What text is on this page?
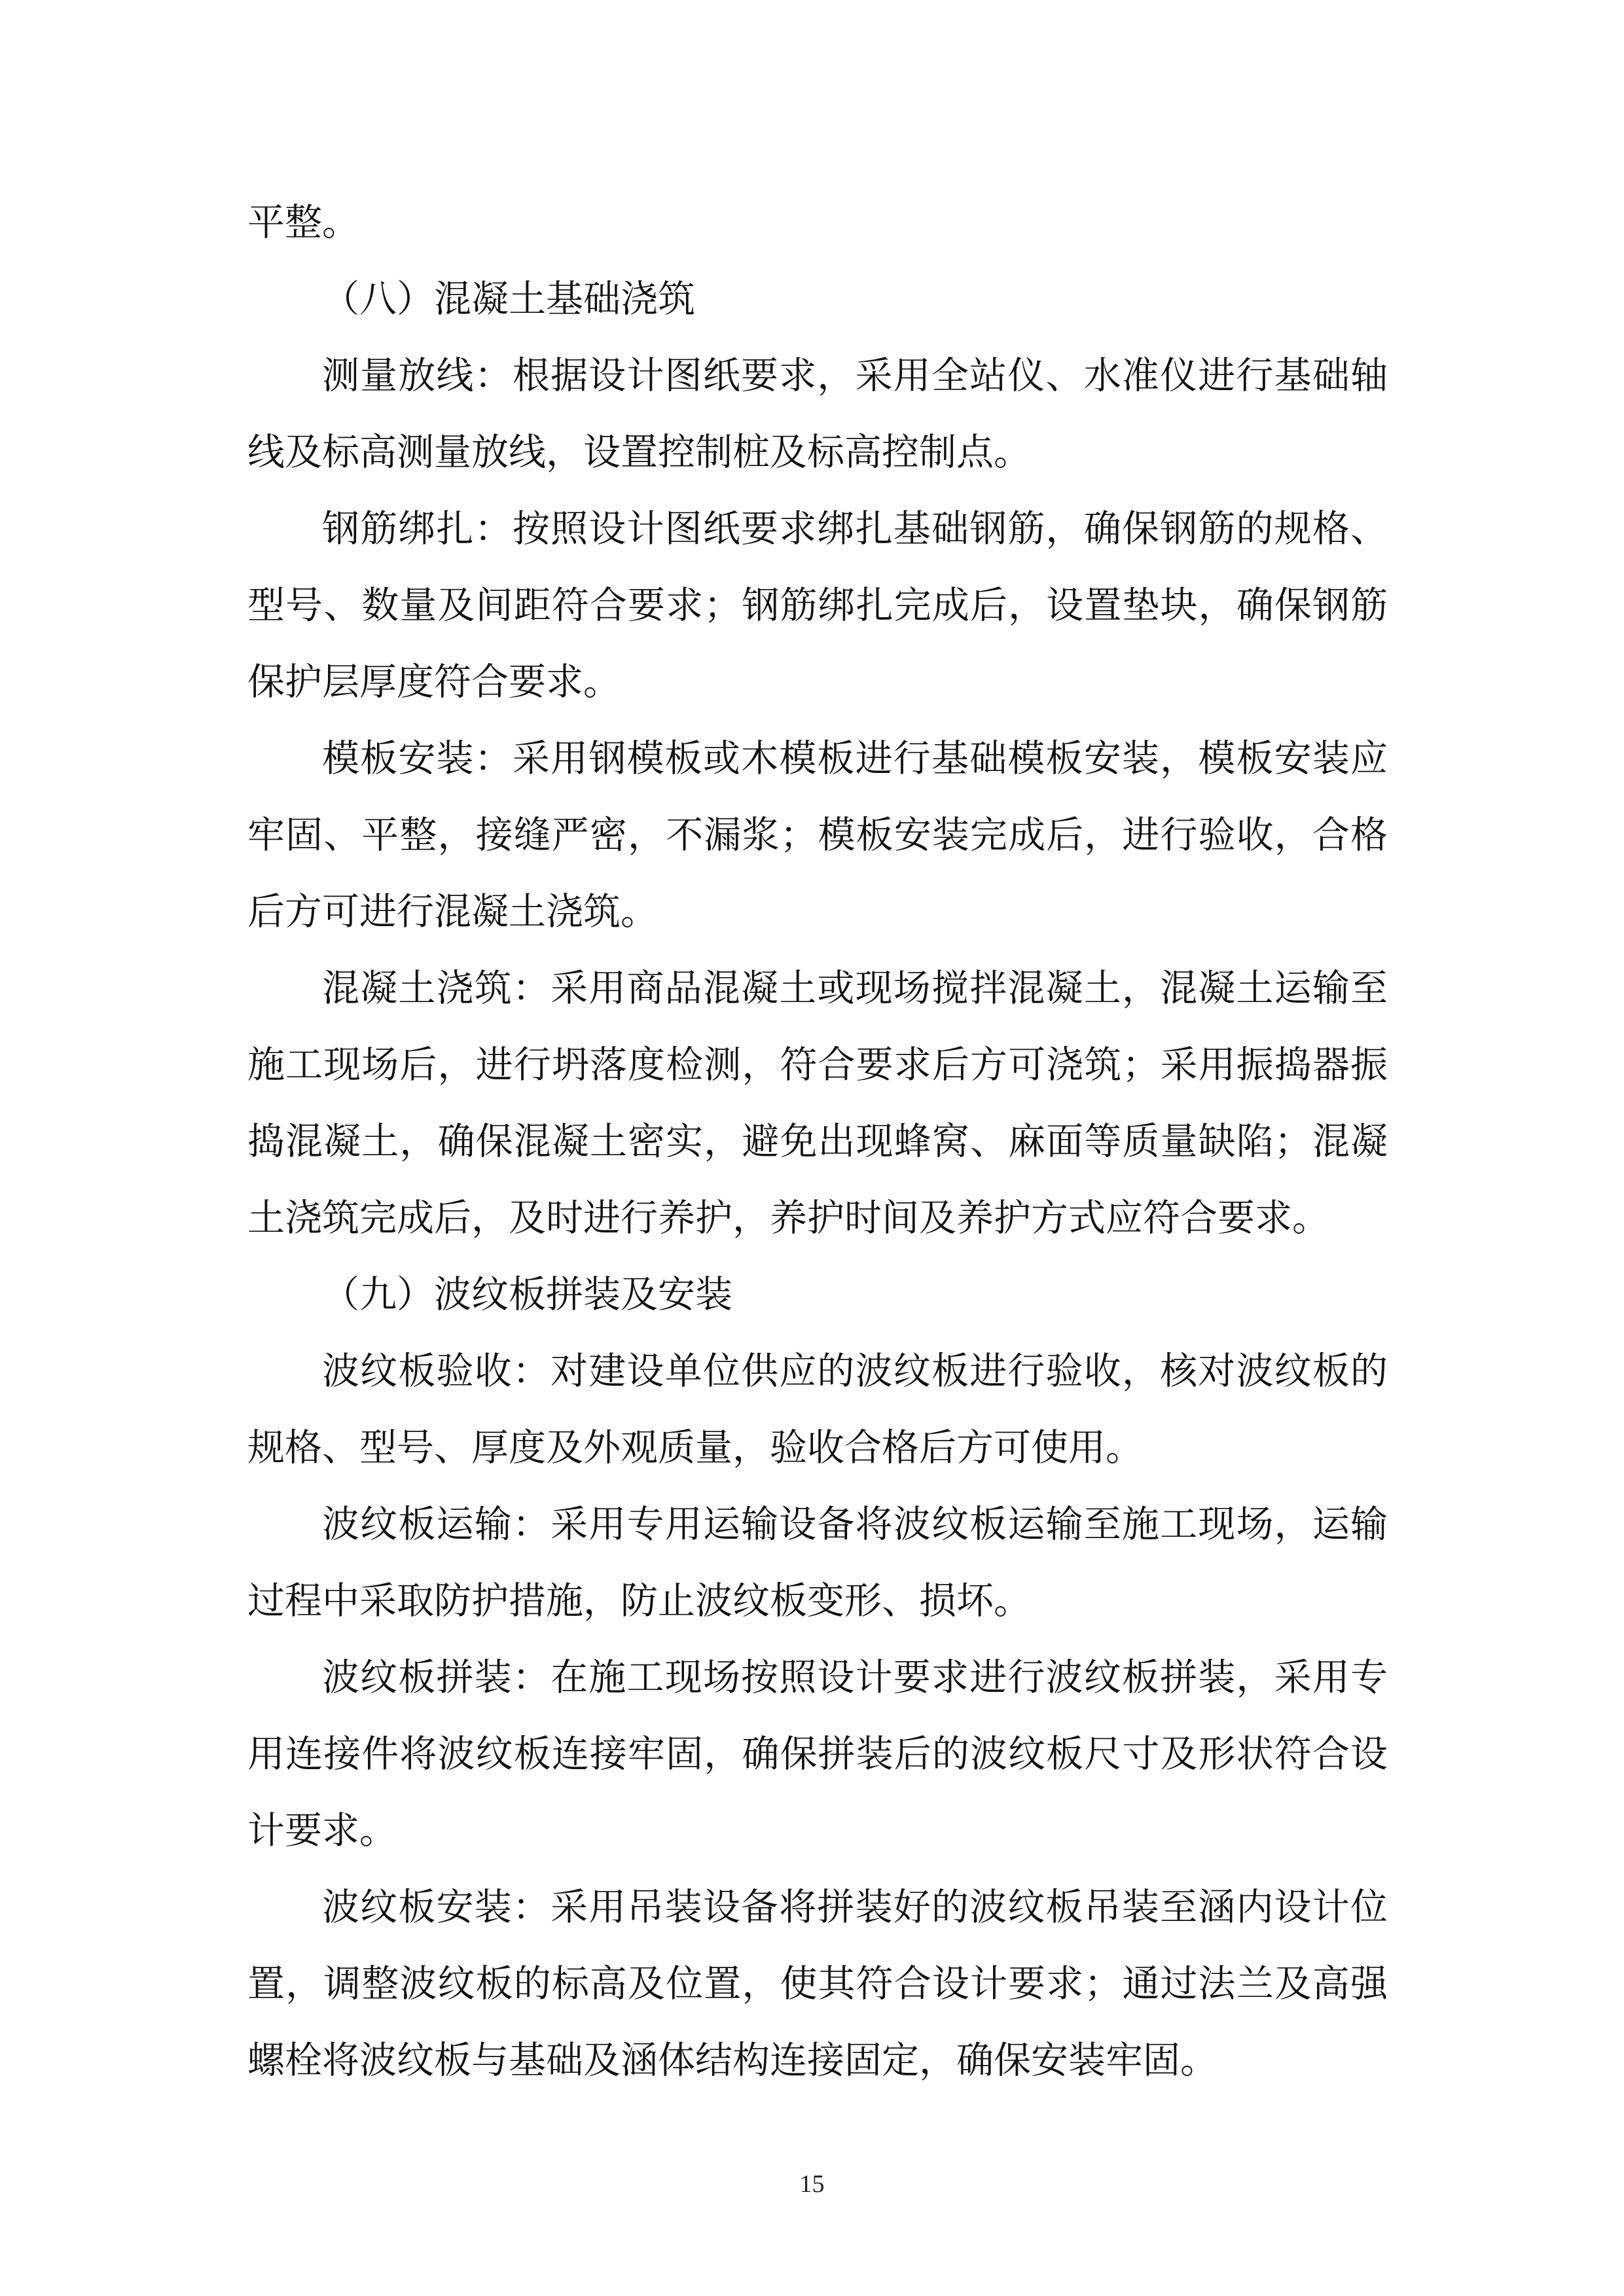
平整。

（八）混凝土基础浇筑

测量放线：根据设计图纸要求，采用全站仪、水准仪进行基础轴线及标高测量放线，设置控制桩及标高控制点。

钢筋绑扎：按照设计图纸要求绑扎基础钢筋，确保钢筋的规格、型号、数量及间距符合要求；钢筋绑扎完成后，设置垫块，确保钢筋保护层厚度符合要求。

模板安装：采用钢模板或木模板进行基础模板安装，模板安装应牢固、平整，接缝严密，不漏浆；模板安装完成后，进行验收，合格后方可进行混凝土浇筑。

混凝土浇筑：采用商品混凝土或现场搅拌混凝土，混凝土运输至施工现场后，进行坍落度检测，符合要求后方可浇筑；采用振捣器振捣混凝土，确保混凝土密实，避免出现蜂窝、麻面等质量缺陷；混凝土浇筑完成后，及时进行养护，养护时间及养护方式应符合要求。

（九）波纹板拼装及安装

波纹板验收：对建设单位供应的波纹板进行验收，核对波纹板的规格、型号、厚度及外观质量，验收合格后方可使用。

波纹板运输：采用专用运输设备将波纹板运输至施工现场，运输过程中采取防护措施，防止波纹板变形、损坏。

波纹板拼装：在施工现场按照设计要求进行波纹板拼装，采用专用连接件将波纹板连接牢固，确保拼装后的波纹板尺寸及形状符合设计要求。

波纹板安装：采用吊装设备将拼装好的波纹板吊装至涵内设计位置，调整波纹板的标高及位置，使其符合设计要求；通过法兰及高强螺栓将波纹板与基础及涵体结构连接固定，确保安装牢固。

15
